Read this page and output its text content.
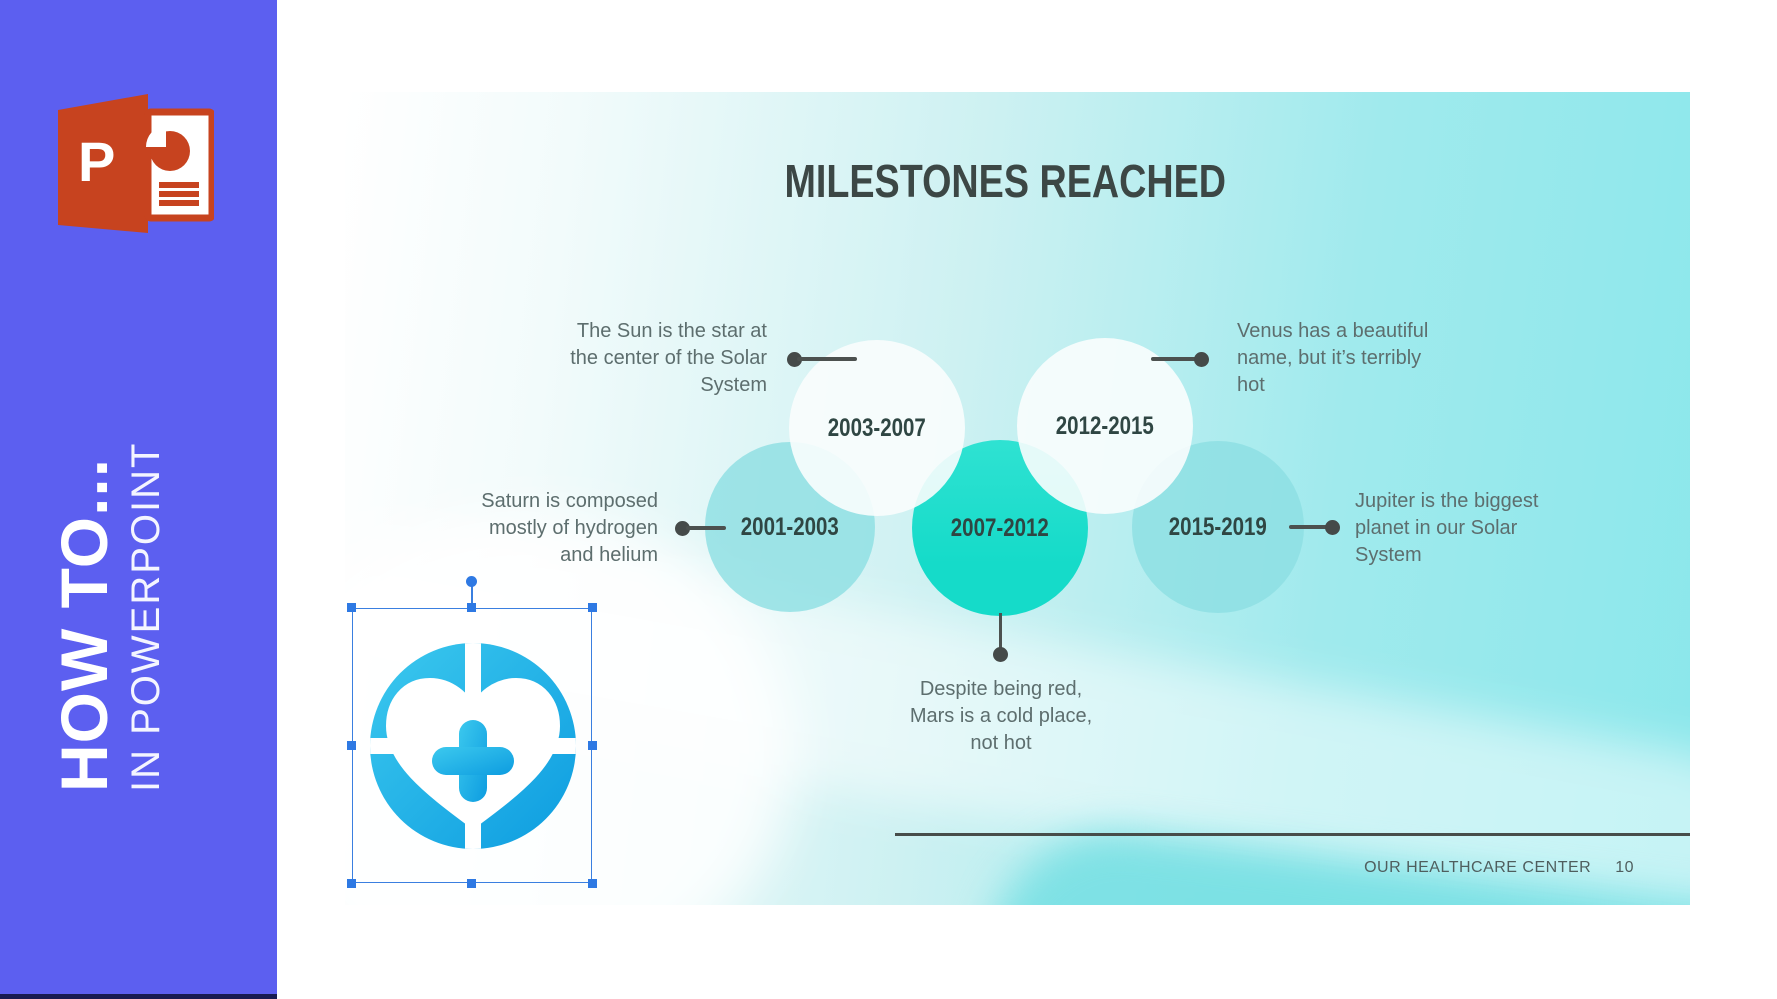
P
HOW TO... IN POWERPOINT
MILESTONES REACHED
2001-2003
2003-2007
2007-2012
2012-2015
2015-2019
The Sun is the star at
the center of the Solar
System
Venus has a beautiful
name, but it’s terribly
hot
Saturn is composed
mostly of hydrogen
and helium
Jupiter is the biggest
planet in our Solar
System
Despite being red,
Mars is a cold place,
not hot
OUR HEALTHCARE CENTER 10
